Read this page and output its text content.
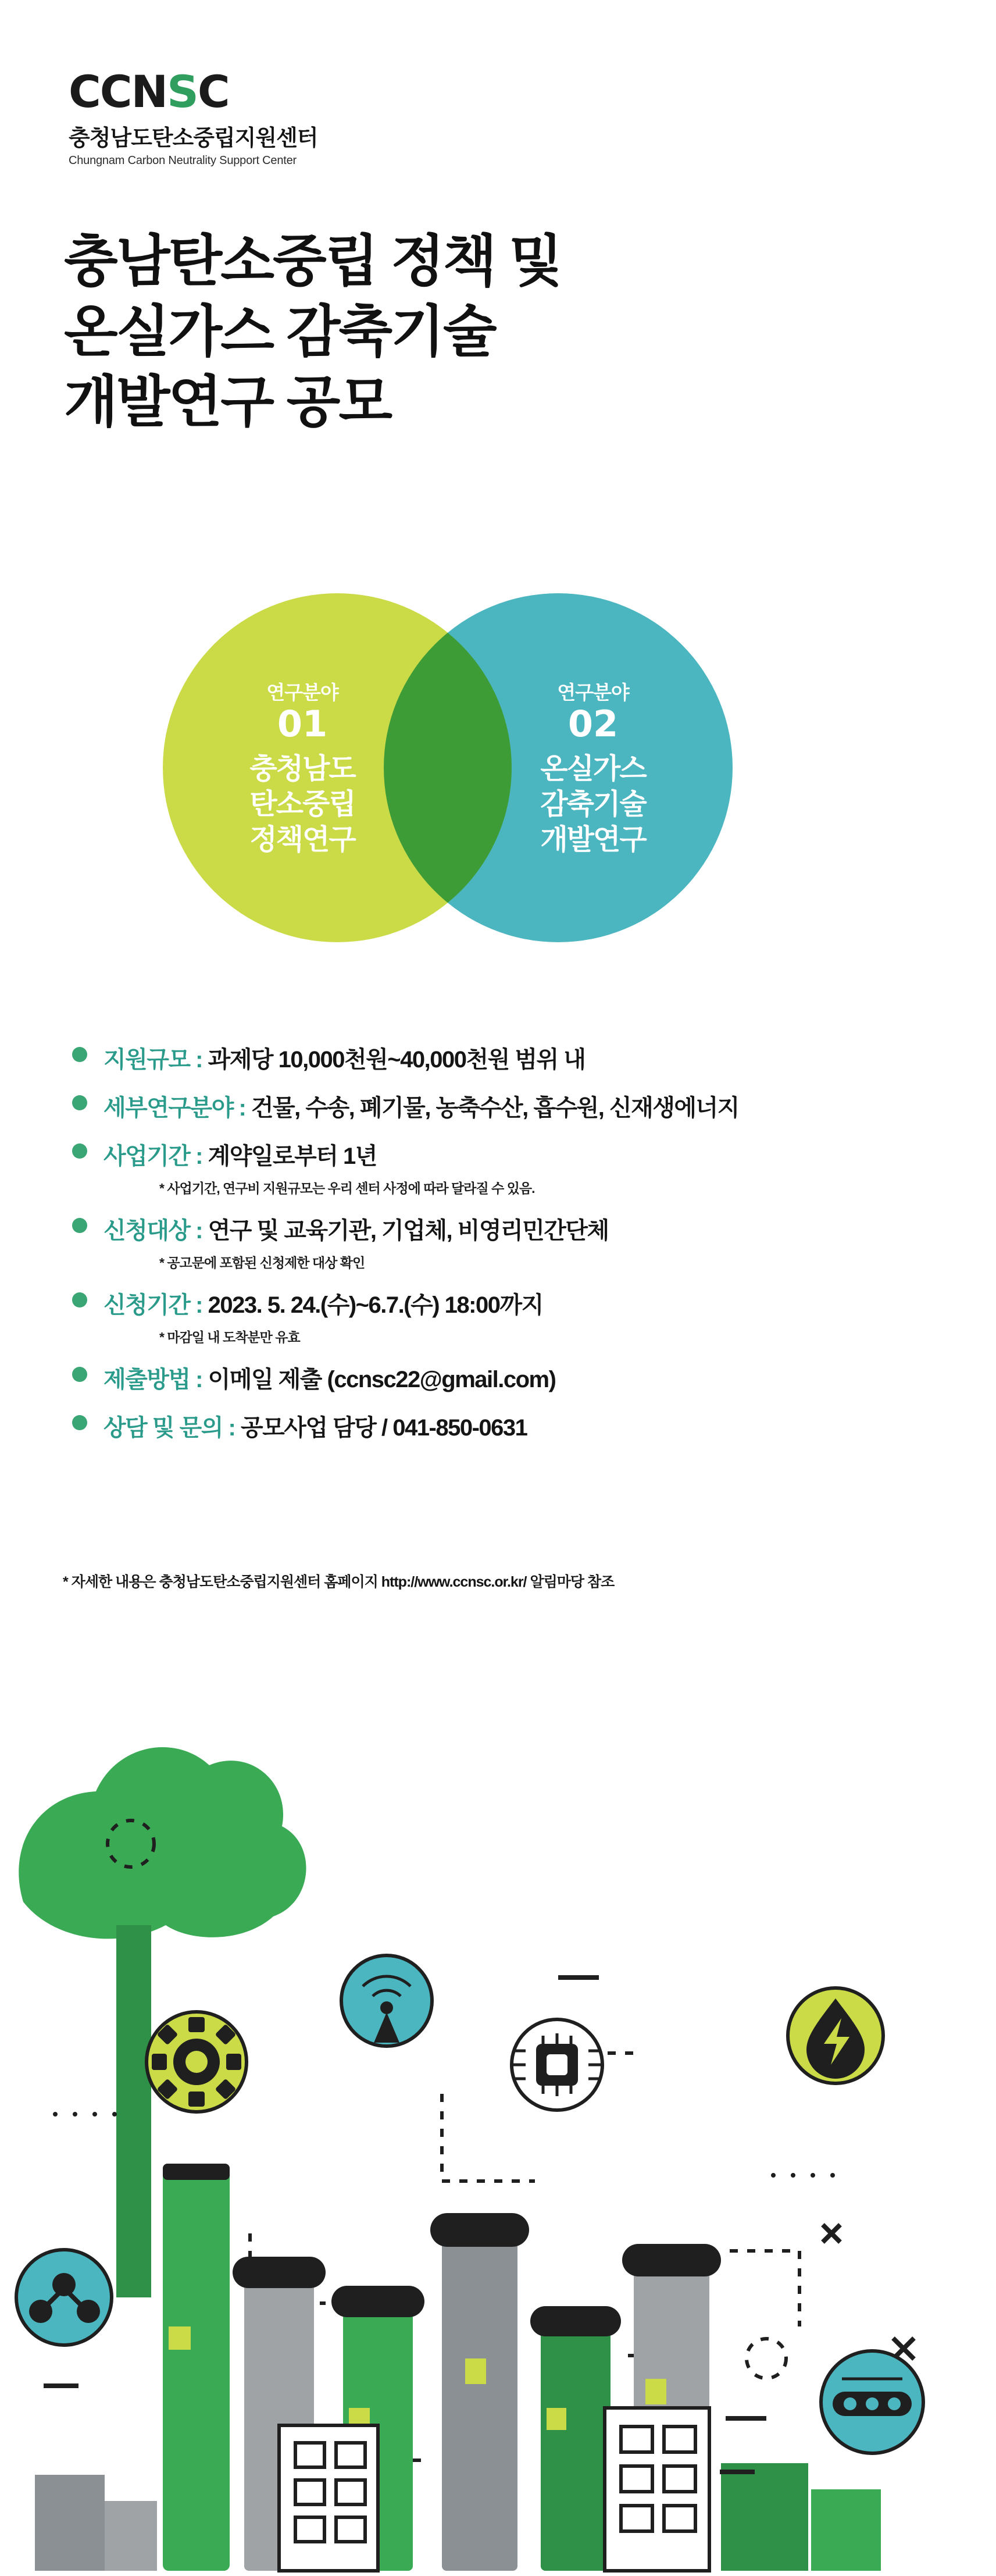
CCNSC
충청남도탄소중립지원센터
Chungnam Carbon Neutrality Support Center
충남탄소중립 정책 및
온실가스 감축기술
개발연구 공모
연구분야
01
충청남도
탄소중립
정책연구
연구분야
02
온실가스
감축기술
개발연구
지원규모 : 과제당 10,000천원~40,000천원 범위 내
세부연구분야 : 건물, 수송, 폐기물, 농축수산, 흡수원, 신재생에너지
사업기간 : 계약일로부터 1년
* 사업기간, 연구비 지원규모는 우리 센터 사정에 따라 달라질 수 있음.
신청대상 : 연구 및 교육기관, 기업체, 비영리민간단체
* 공고문에 포함된 신청제한 대상 확인
신청기간 : 2023. 5. 24.(수)~6.7.(수) 18:00까지
* 마감일 내 도착분만 유효
제출방법 : 이메일 제출 (ccnsc22@gmail.com)
상담 및 문의 : 공모사업 담당 / 041-850-0631
* 자세한 내용은 충청남도탄소중립지원센터 홈페이지 http://www.ccnsc.or.kr/ 알림마당 참조
